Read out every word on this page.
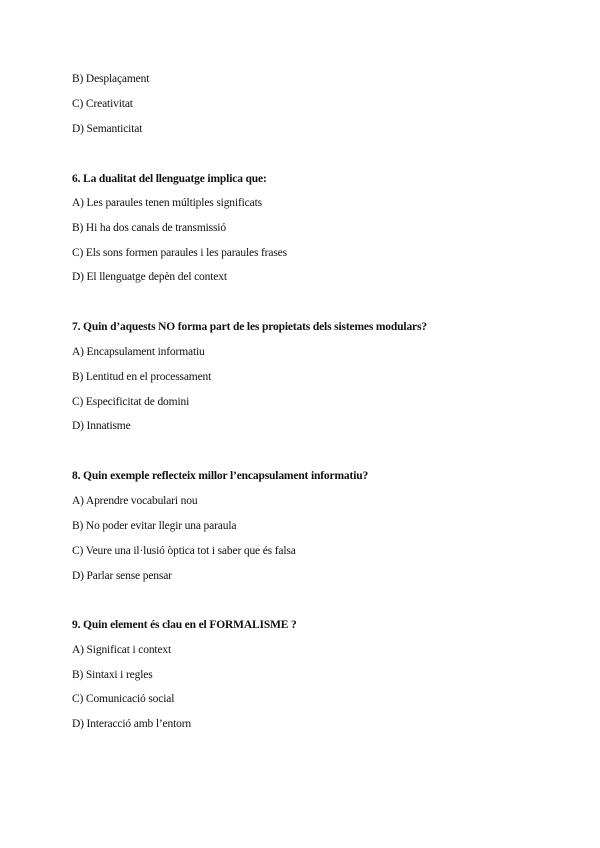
B) Desplaçament
C) Creativitat
D) Semanticitat
6. La dualitat del llenguatge implica que:
A) Les paraules tenen múltiples significats
B) Hi ha dos canals de transmissió
C) Els sons formen paraules i les paraules frases
D) El llenguatge depèn del context
7. Quin d’aquests NO forma part de les propietats dels sistemes modulars?
A) Encapsulament informatiu
B) Lentitud en el processament
C) Especificitat de domini
D) Innatisme
8. Quin exemple reflecteix millor l’encapsulament informatiu?
A) Aprendre vocabulari nou
B) No poder evitar llegir una paraula
C) Veure una il·lusió òptica tot i saber que és falsa
D) Parlar sense pensar
9. Quin element és clau en el FORMALISME ?
A) Significat i context
B) Sintaxi i regles
C) Comunicació social
D) Interacció amb l’entorn
